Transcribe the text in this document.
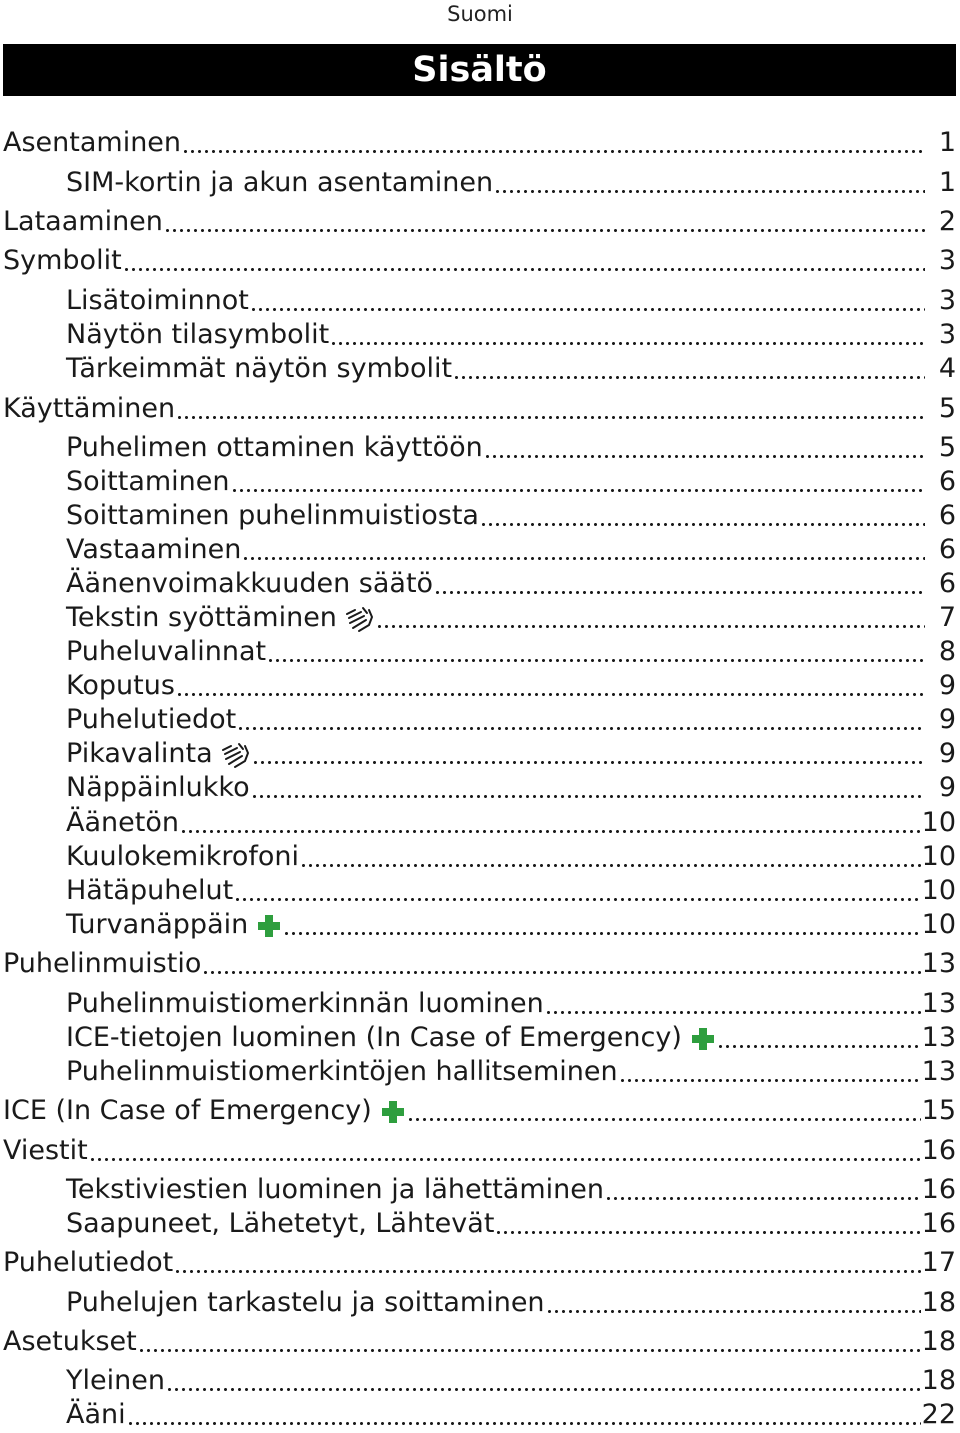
Suomi
Sisältö
Asentaminen	1
SIM-kortin ja akun asentaminen	1
Lataaminen	2
Symbolit	3
Lisätoiminnot	3
Näytön tilasymbolit	3
Tärkeimmät näytön symbolit	4
Käyttäminen	5
Puhelimen ottaminen käyttöön	5
Soittaminen	6
Soittaminen puhelinmuistiosta	6
Vastaaminen	6
Äänenvoimakkuuden säätö	6
Tekstin syöttäminen	7
Puheluvalinnat	8
Koputus	9
Puhelutiedot	9
Pikavalinta	9
Näppäinlukko	9
Äänetön	10
Kuulokemikrofoni	10
Hätäpuhelut	10
Turvanäppäin	10
Puhelinmuistio	13
Puhelinmuistiomerkinnän luominen	13
ICE-tietojen luominen (In Case of Emergency)	13
Puhelinmuistiomerkintöjen hallitseminen	13
ICE (In Case of Emergency)	15
Viestit	16
Tekstiviestien luominen ja lähettäminen	16
Saapuneet, Lähetetyt, Lähtevät	16
Puhelutiedot	17
Puhelujen tarkastelu ja soittaminen	18
Asetukset	18
Yleinen	18
Ääni	22
